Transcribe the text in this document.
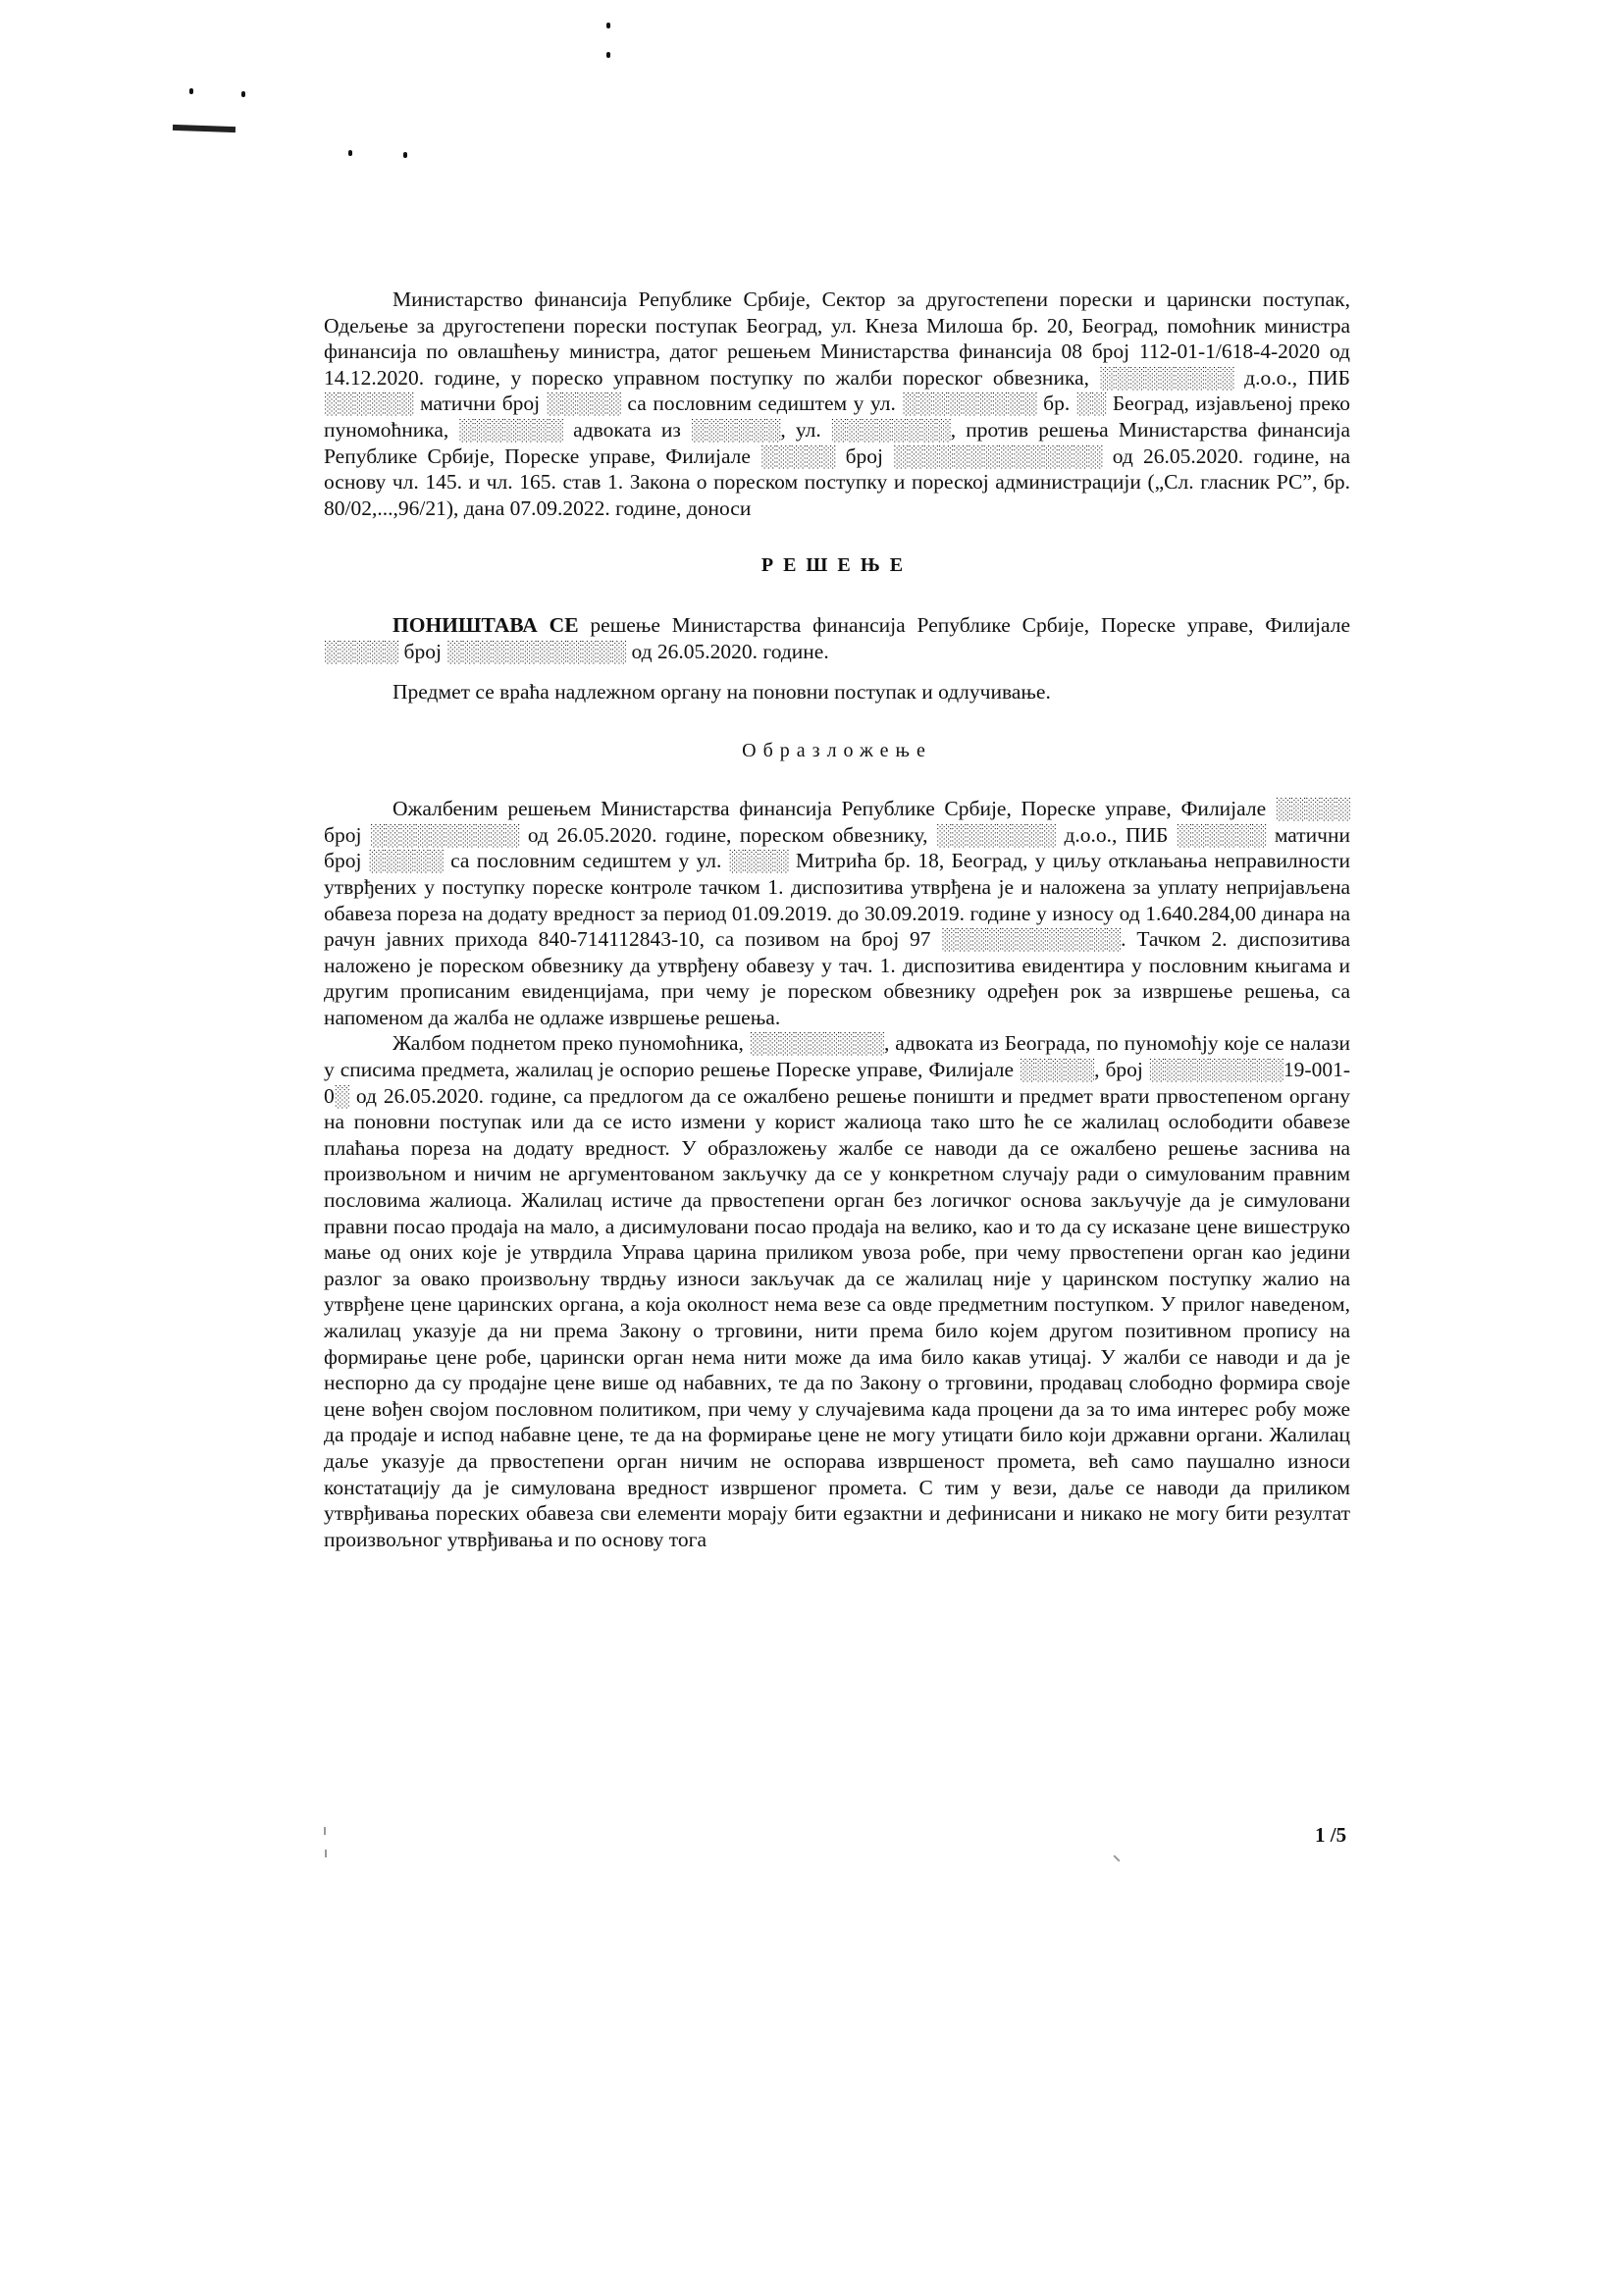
Министарство финансија Републике Србије, Сектор за другостепени порески и царински поступак, Одељење за другостепени порески поступак Београд, ул. Кнеза Милоша бр. 20, Београд, помоћник министра финансија по овлашћењу министра, датог решењем Министарства финансија 08 број 112-01-1/618-4-2020 од 14.12.2020. године, у пореско управном поступку по жалби пореског обвезника, ░░░░░░░░░ д.о.о., ПИБ ░░░░░░ матични број ░░░░░ са пословним седиштем у ул. ░░░░░░░░░ бр. ░░ Београд, изјављеној преко пуномоћника, ░░░░░░░ адвоката из ░░░░░░, ул. ░░░░░░░░, против решења Министарства финансија Републике Србије, Пореске управе, Филијале ░░░░░ број ░░░░░░░░░░░░░░ од 26.05.2020. године, на основу чл. 145. и чл. 165. став 1. Закона о пореском поступку и пореској администрацији („Сл. гласник РС”, бр. 80/02,...,96/21), дана 07.09.2022. године, доноси

РЕШЕЊЕ

ПОНИШТАВА СЕ решење Министарства финансија Републике Србије, Пореске управе, Филијале ░░░░░ број ░░░░░░░░░░░░ од 26.05.2020. године.

Предмет се враћа надлежном органу на поновни поступак и одлучивање.

Образложење

Ожалбеним решењем Министарства финансија Републике Србије, Пореске управе, Филијале ░░░░░ број ░░░░░░░░░░ од 26.05.2020. године, пореском обвезнику, ░░░░░░░░ д.о.о., ПИБ ░░░░░░ матични број ░░░░░ са пословним седиштем у ул. ░░░░ Митрића бр. 18, Београд, у циљу отклањања неправилности утврђених у поступку пореске контроле тачком 1. диспозитива утврђена је и наложена за уплату непријављена обавеза пореза на додату вредност за период 01.09.2019. до 30.09.2019. године у износу од 1.640.284,00 динара на рачун јавних прихода 840-714112843-10, са позивом на број 97 ░░░░░░░░░░░░. Тачком 2. диспозитива наложено је пореском обвезнику да утврђену обавезу у тач. 1. диспозитива евидентира у пословним књигама и другим прописаним евиденцијама, при чему је пореском обвезнику одређен рок за извршење решења, са напоменом да жалба не одлаже извршење решења.

Жалбом поднетом преко пуномоћника, ░░░░░░░░░, адвоката из Београда, по пуномоћју које се налази у списима предмета, жалилац је оспорио решење Пореске управе, Филијале ░░░░░, број ░░░░░░░░░19-001-0░ од 26.05.2020. године, са предлогом да се ожалбено решење поништи и предмет врати првостепеном органу на поновни поступак или да се исто измени у корист жалиоца тако што ће се жалилац ослободити обавезе плаћања пореза на додату вредност. У образложењу жалбе се наводи да се ожалбено решење заснива на произвољном и ничим не аргументованом закључку да се у конкретном случају ради о симулованим правним пословима жалиоца. Жалилац истиче да првостепени орган без логичког основа закључује да је симуловани правни посао продаја на мало, а дисимуловани посао продаја на велико, као и то да су исказане цене вишеструко мање од оних које је утврдила Управа царина приликом увоза робе, при чему првостепени орган као једини разлог за овако произвољну тврдњу износи закључак да се жалилац није у царинском поступку жалио на утврђене цене царинских органа, а која околност нема везе са овде предметним поступком. У прилог наведеном, жалилац указује да ни према Закону о трговини, нити према било којем другом позитивном пропису на формирање цене робе, царински орган нема нити може да има било какав утицај. У жалби се наводи и да је неспорно да су продајне цене више од набавних, те да по Закону о трговини, продавац слободно формира своје цене вођен својом пословном политиком, при чему у случајевима када процени да за то има интерес робу може да продаје и испод набавне цене, те да на формирање цене не могу утицати било који државни органи. Жалилац даље указује да првостепени орган ничим не оспорава извршеност промета, већ само паушално износи констатацију да је симулована вредност извршеног промета. С тим у вези, даље се наводи да приликом утврђивања пореских обавеза сви елементи морају бити egзaктни и дефинисани и никако не могу бити резултат произвољног утврђивања и по основу тога

1 /5
